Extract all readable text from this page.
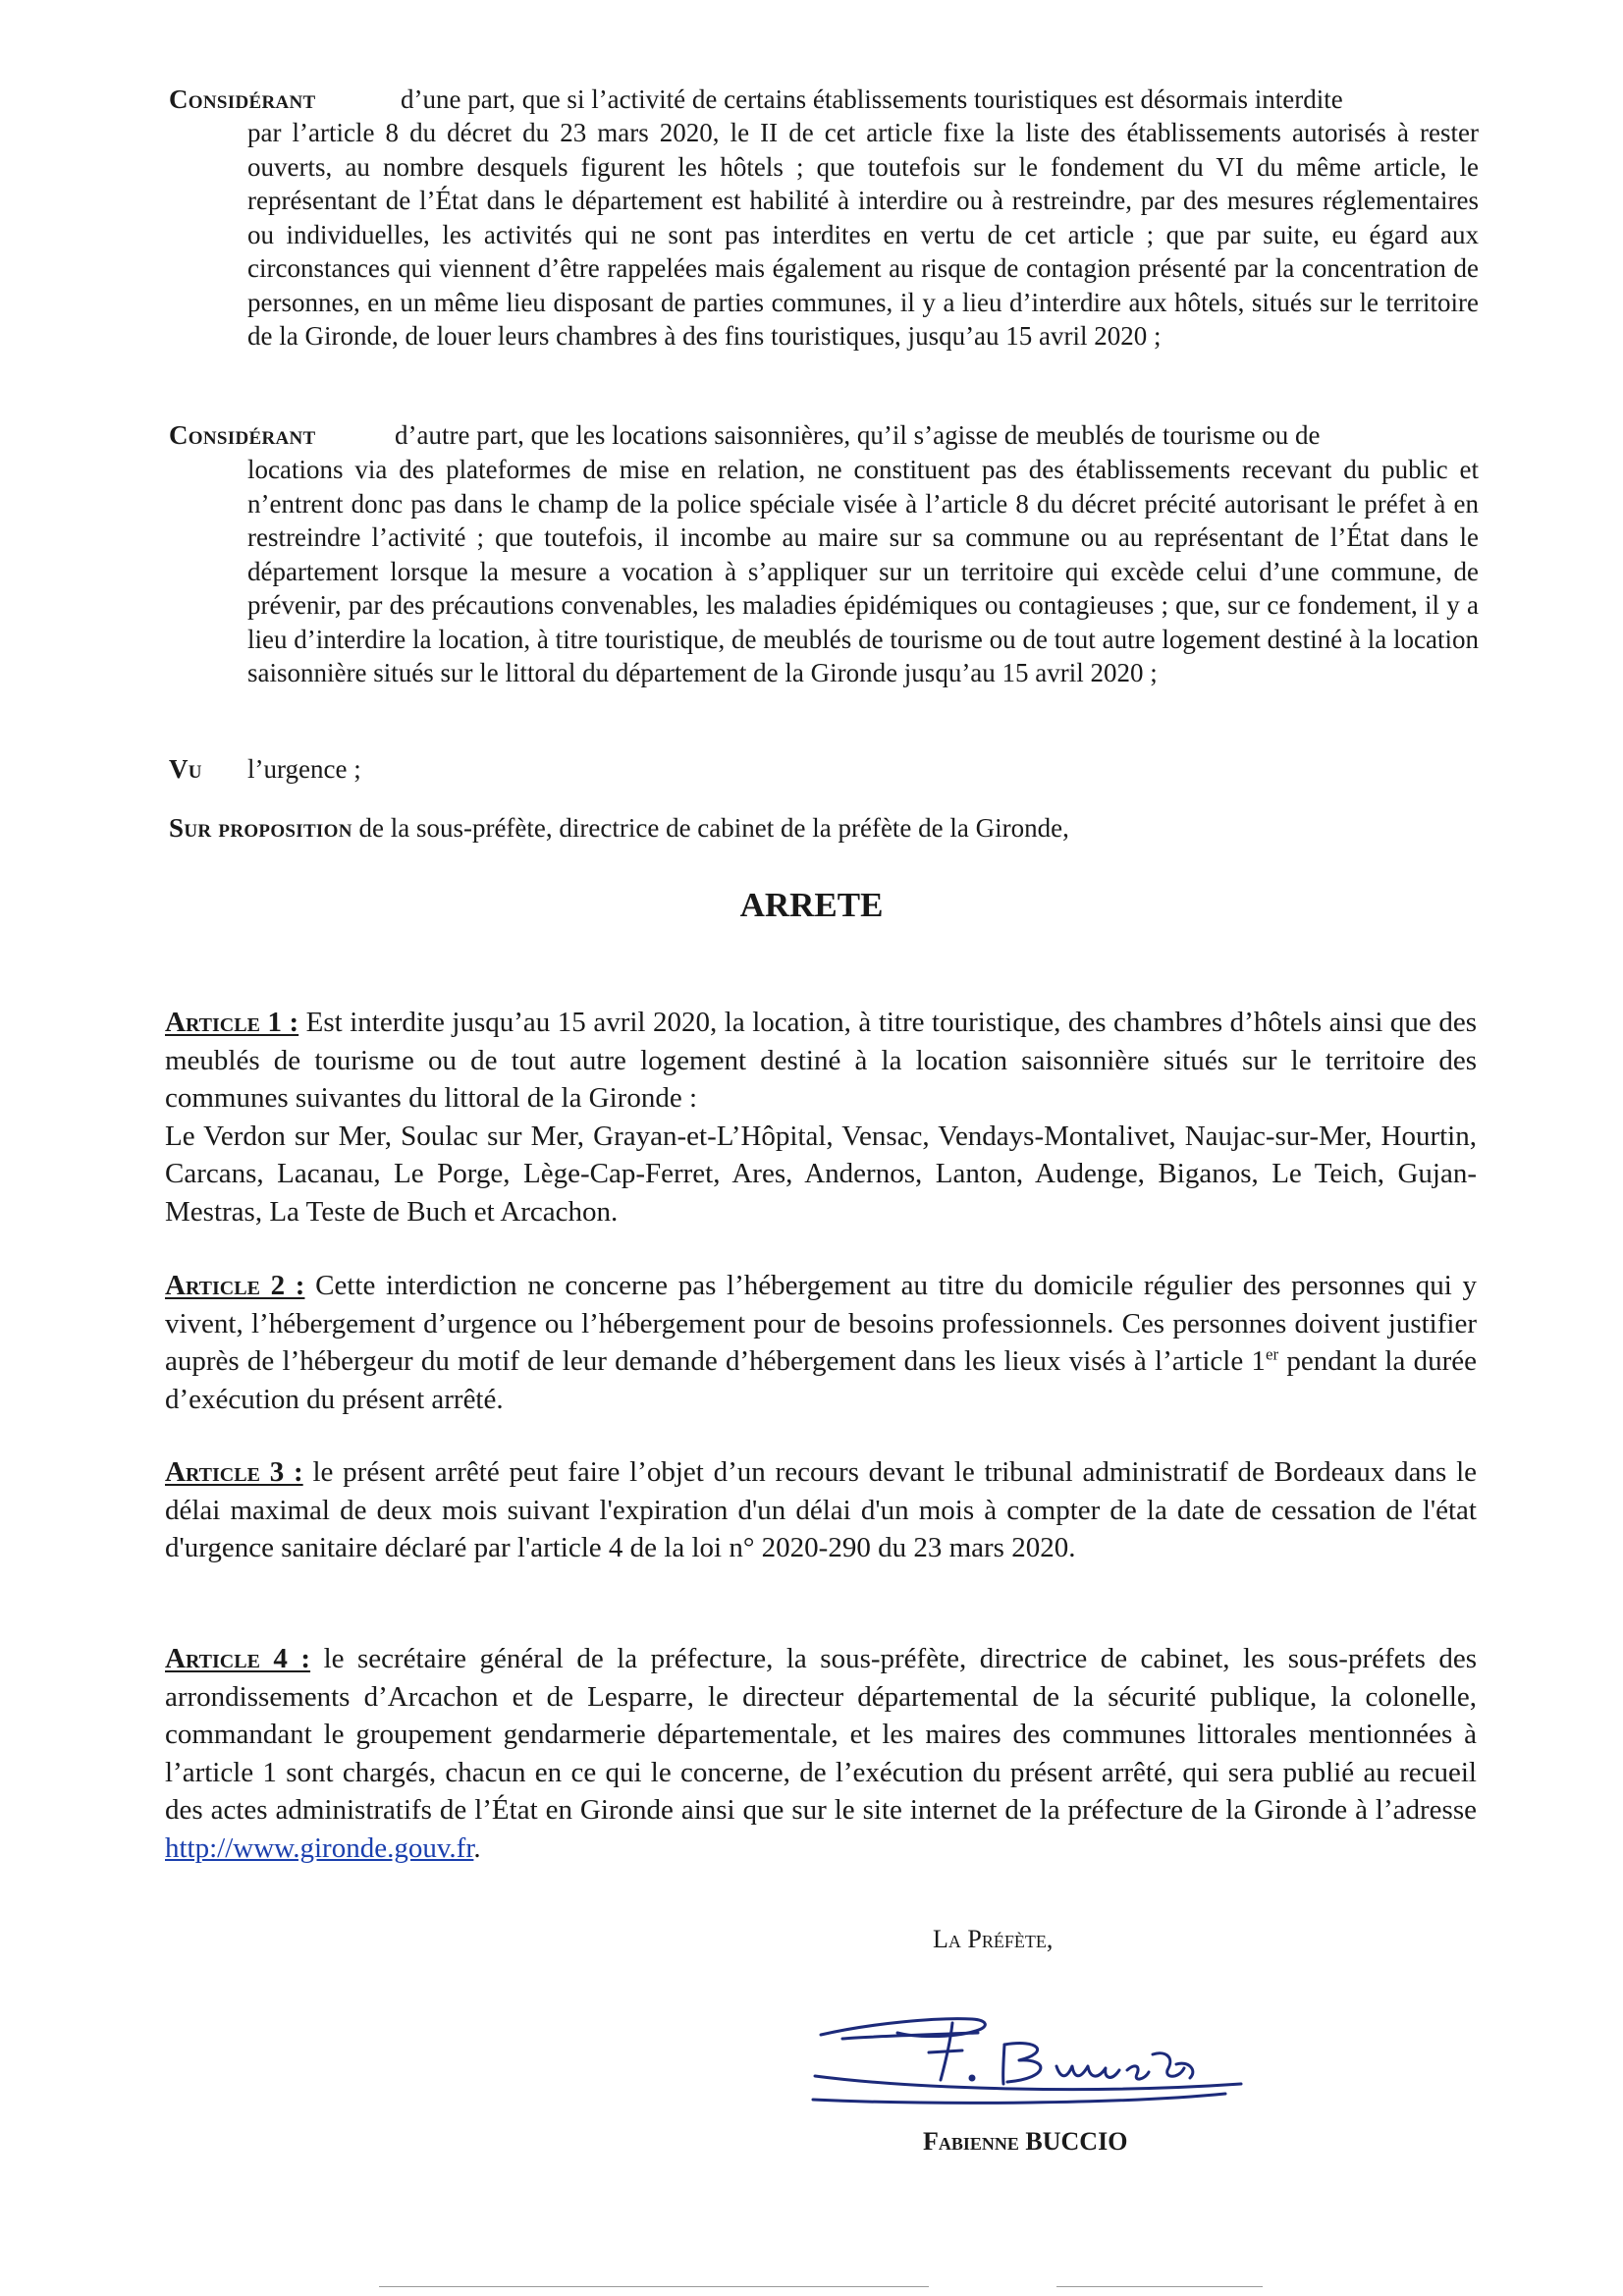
Considérant	d’une part, que si l’activité de certains établissements touristiques est désormais interdite
par l’article 8 du décret du 23 mars 2020, le II de cet article fixe la liste des établissements autorisés à rester ouverts, au nombre desquels figurent les hôtels ; que toutefois sur le fondement du VI du même article, le représentant de l’État dans le département est habilité à interdire ou à restreindre, par des mesures réglementaires ou individuelles, les activités qui ne sont pas interdites en vertu de cet article ; que par suite, eu égard aux circonstances qui viennent d’être rappelées mais également au risque de contagion présenté par la concentration de personnes, en un même lieu disposant de parties communes, il y a lieu d’interdire aux hôtels, situés sur le territoire de la Gironde, de louer leurs chambres à des fins touristiques, jusqu’au 15 avril 2020 ;
Considérant	d’autre part, que les locations saisonnières, qu’il s’agisse de meublés de tourisme ou de
locations via des plateformes de mise en relation, ne constituent pas des établissements recevant du public et n’entrent donc pas dans le champ de la police spéciale visée à l’article 8 du décret précité autorisant le préfet à en restreindre l’activité ; que toutefois, il incombe au maire sur sa commune ou au représentant de l’État dans le département lorsque la mesure a vocation à s’appliquer sur un territoire qui excède celui d’une commune, de prévenir, par des précautions convenables, les maladies épidémiques ou contagieuses ; que, sur ce fondement, il y a lieu d’interdire la location, à titre touristique, de meublés de tourisme ou de tout autre logement destiné à la location saisonnière situés sur le littoral du département de la Gironde jusqu’au 15 avril 2020 ;
Vu l’urgence ;
Sur proposition de la sous-préfète, directrice de cabinet de la préfète de la Gironde,
ARRETE
Article 1 : Est interdite jusqu’au 15 avril 2020, la location, à titre touristique, des chambres d’hôtels ainsi que des meublés de tourisme ou de tout autre logement destiné à la location saisonnière situés sur le territoire des communes suivantes du littoral de la Gironde :
Le Verdon sur Mer, Soulac sur Mer, Grayan-et-L’Hôpital, Vensac, Vendays-Montalivet, Naujac-sur-Mer, Hourtin, Carcans, Lacanau, Le Porge, Lège-Cap-Ferret, Ares, Andernos, Lanton, Audenge, Biganos, Le Teich, Gujan-Mestras, La Teste de Buch et Arcachon.
Article 2 : Cette interdiction ne concerne pas l’hébergement au titre du domicile régulier des personnes qui y vivent, l’hébergement d’urgence ou l’hébergement pour de besoins professionnels. Ces personnes doivent justifier auprès de l’hébergeur du motif de leur demande d’hébergement dans les lieux visés à l’article 1er pendant la durée d’exécution du présent arrêté.
Article 3 : le présent arrêté peut faire l’objet d’un recours devant le tribunal administratif de Bordeaux dans le délai maximal de deux mois suivant l'expiration d'un délai d'un mois à compter de la date de cessation de l'état d'urgence sanitaire déclaré par l'article 4 de la loi n° 2020-290 du 23 mars 2020.
Article 4 : le secrétaire général de la préfecture, la sous-préfète, directrice de cabinet, les sous-préfets des arrondissements d’Arcachon et de Lesparre, le directeur départemental de la sécurité publique, la colonelle, commandant le groupement gendarmerie départementale, et les maires des communes littorales mentionnées à l’article 1 sont chargés, chacun en ce qui le concerne, de l’exécution du présent arrêté, qui sera publié au recueil des actes administratifs de l’État en Gironde ainsi que sur le site internet de la préfecture de la Gironde à l’adresse http://www.gironde.gouv.fr.
La Préfète,
Fabienne BUCCIO
